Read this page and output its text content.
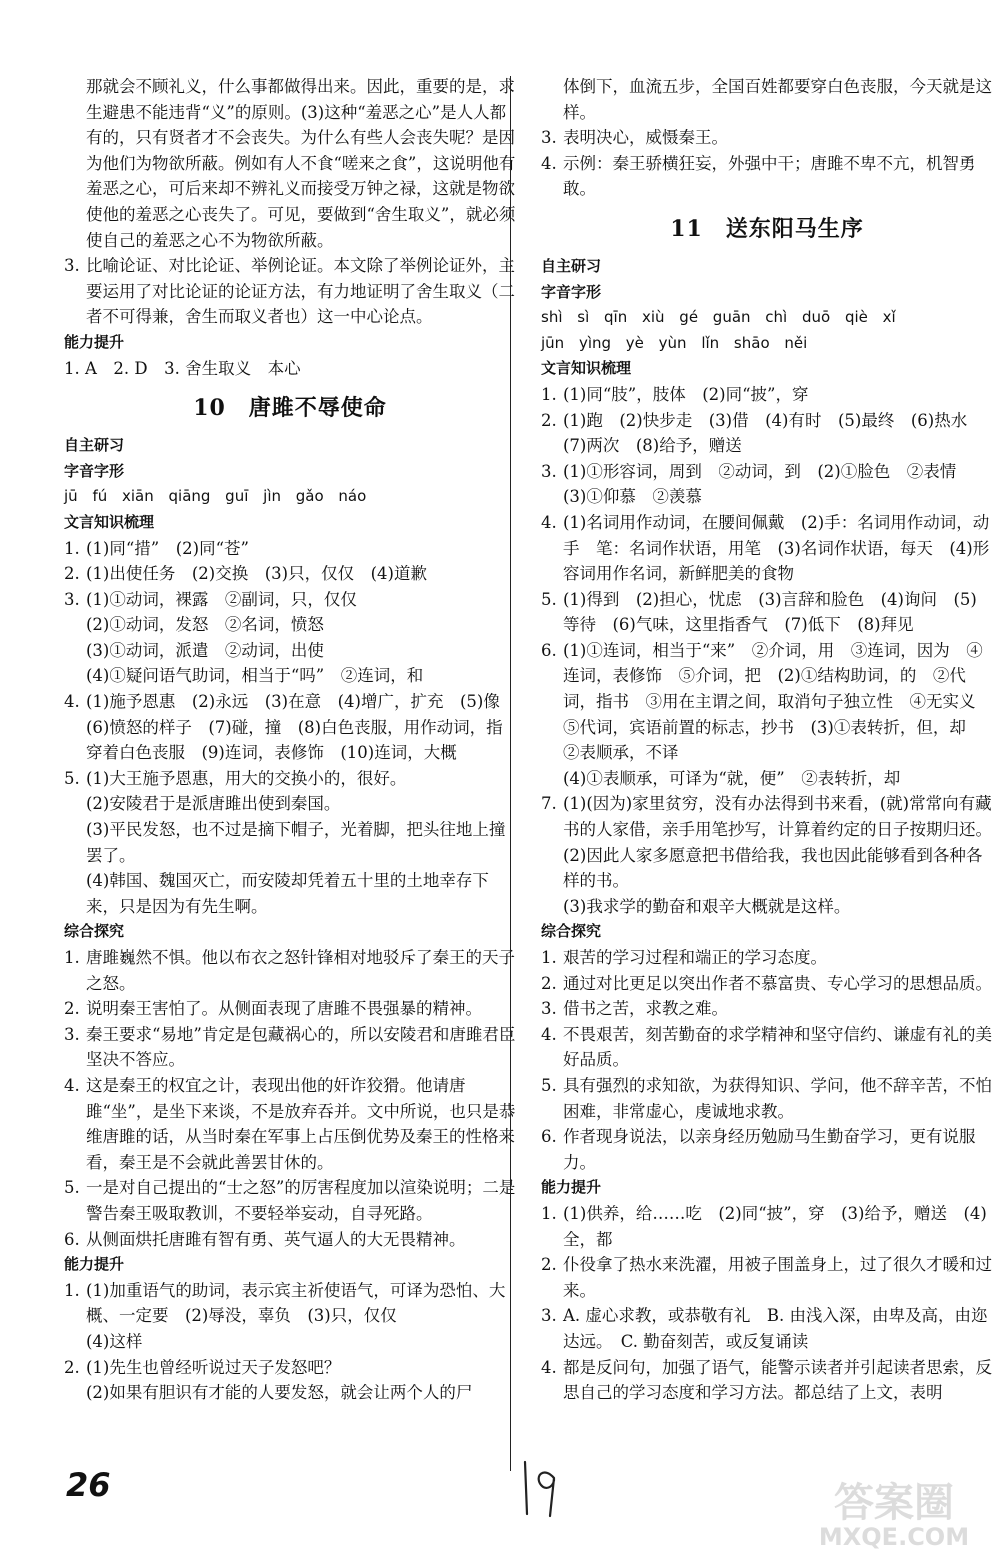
那就会不顾礼义，什么事都做得出来。因此，重要的是，求生避患不能违背“义”的原则。(3)这种“羞恶之心”是人人都有的，只有贤者才不会丧失。为什么有些人会丧失呢？是因为他们为物欲所蔽。例如有人不食“嗟来之食”，这说明他有羞恶之心，可后来却不辨礼义而接受万钟之禄，这就是物欲使他的羞恶之心丧失了。可见，要做到“舍生取义”，就必须使自己的羞恶之心不为物欲所蔽。
3. 比喻论证、对比论证、举例论证。本文除了举例论证外，主要运用了对比论证的论证方法，有力地证明了舍生取义（二者不可得兼，舍生而取义者也）这一中心论点。
能力提升
1. A　2. D　3. 舍生取义　本心
10　唐雎不辱使命
自主研习
字音字形
jū fú xiān qiāng guī jìn gǎo náo
文言知识梳理
1. (1)同“措”　(2)同“苍”
2. (1)出使任务　(2)交换　(3)只，仅仅　(4)道歉
3. (1)①动词，裸露　②副词，只，仅仅
(2)①动词，发怒　②名词，愤怒
(3)①动词，派遣　②动词，出使
(4)①疑问语气助词，相当于“吗”　②连词，和
4. (1)施予恩惠　(2)永远　(3)在意　(4)增广，扩充　(5)像　(6)愤怒的样子　(7)碰，撞　(8)白色丧服，用作动词，指穿着白色丧服　(9)连词，表修饰　(10)连词，大概
5. (1)大王施予恩惠，用大的交换小的，很好。
(2)安陵君于是派唐雎出使到秦国。
(3)平民发怒，也不过是摘下帽子，光着脚，把头往地上撞罢了。
(4)韩国、魏国灭亡，而安陵却凭着五十里的土地幸存下来，只是因为有先生啊。
综合探究
1. 唐雎巍然不惧。他以布衣之怒针锋相对地驳斥了秦王的天子之怒。
2. 说明秦王害怕了。从侧面表现了唐雎不畏强暴的精神。
3. 秦王要求“易地”肯定是包藏祸心的，所以安陵君和唐雎君臣坚决不答应。
4. 这是秦王的权宜之计，表现出他的奸诈狡猾。他请唐雎“坐”，是坐下来谈，不是放弃吞并。文中所说，也只是恭维唐雎的话，从当时秦在军事上占压倒优势及秦王的性格来看，秦王是不会就此善罢甘休的。
5. 一是对自己提出的“士之怒”的厉害程度加以渲染说明；二是警告秦王吸取教训，不要轻举妄动，自寻死路。
6. 从侧面烘托唐雎有智有勇、英气逼人的大无畏精神。
能力提升
1. (1)加重语气的助词，表示宾主祈使语气，可译为恐怕、大概、一定要　(2)辱没，辜负　(3)只，仅仅
(4)这样
2. (1)先生也曾经听说过天子发怒吧？
(2)如果有胆识有才能的人要发怒，就会让两个人的尸
体倒下，血流五步，全国百姓都要穿白色丧服，今天就是这样。
3. 表明决心，威慑秦王。
4. 示例：秦王骄横狂妄，外强中干；唐雎不卑不亢，机智勇敢。
11　送东阳马生序
自主研习
字音字形
shì sì qīn xiù gé guān chì duō qiè xǐ
jūn yìng yè yùn lǐn shāo něi
文言知识梳理
1. (1)同“肢”，肢体　(2)同“披”，穿
2. (1)跑　(2)快步走　(3)借　(4)有时　(5)最终　(6)热水　(7)两次　(8)给予，赠送
3. (1)①形容词，周到　②动词，到　(2)①脸色　②表情　(3)①仰慕　②羡慕
4. (1)名词用作动词，在腰间佩戴　(2)手：名词用作动词，动手　笔：名词作状语，用笔　(3)名词作状语，每天　(4)形容词用作名词，新鲜肥美的食物
5. (1)得到　(2)担心，忧虑　(3)言辞和脸色　(4)询问　(5)等待　(6)气味，这里指香气　(7)低下　(8)拜见
6. (1)①连词，相当于“来”　②介词，用　③连词，因为　④连词，表修饰　⑤介词，把　(2)①结构助词，的　②代词，指书　③用在主谓之间，取消句子独立性　④无实义　⑤代词，宾语前置的标志，抄书　(3)①表转折，但，却　②表顺承，不译
(4)①表顺承，可译为“就，便”　②表转折，却
7. (1)(因为)家里贫穷，没有办法得到书来看，(就)常常向有藏书的人家借，亲手用笔抄写，计算着约定的日子按期归还。
(2)因此人家多愿意把书借给我，我也因此能够看到各种各样的书。
(3)我求学的勤奋和艰辛大概就是这样。
综合探究
1. 艰苦的学习过程和端正的学习态度。
2. 通过对比更足以突出作者不慕富贵、专心学习的思想品质。
3. 借书之苦，求教之难。
4. 不畏艰苦，刻苦勤奋的求学精神和坚守信约、谦虚有礼的美好品质。
5. 具有强烈的求知欲，为获得知识、学问，他不辞辛苦，不怕困难，非常虚心，虔诚地求教。
6. 作者现身说法，以亲身经历勉励马生勤奋学习，更有说服力。
能力提升
1. (1)供养，给……吃　(2)同“披”，穿　(3)给予，赠送　(4)全，都
2. 仆役拿了热水来洗濯，用被子围盖身上，过了很久才暖和过来。
3. A. 虚心求教，或恭敬有礼　B. 由浅入深，由卑及高，由迩达远。　C. 勤奋刻苦，或反复诵读
4. 都是反问句，加强了语气，能警示读者并引起读者思索，反思自己的学习态度和学习方法。都总结了上文，表明
26	答案圈
MXQE.COM
